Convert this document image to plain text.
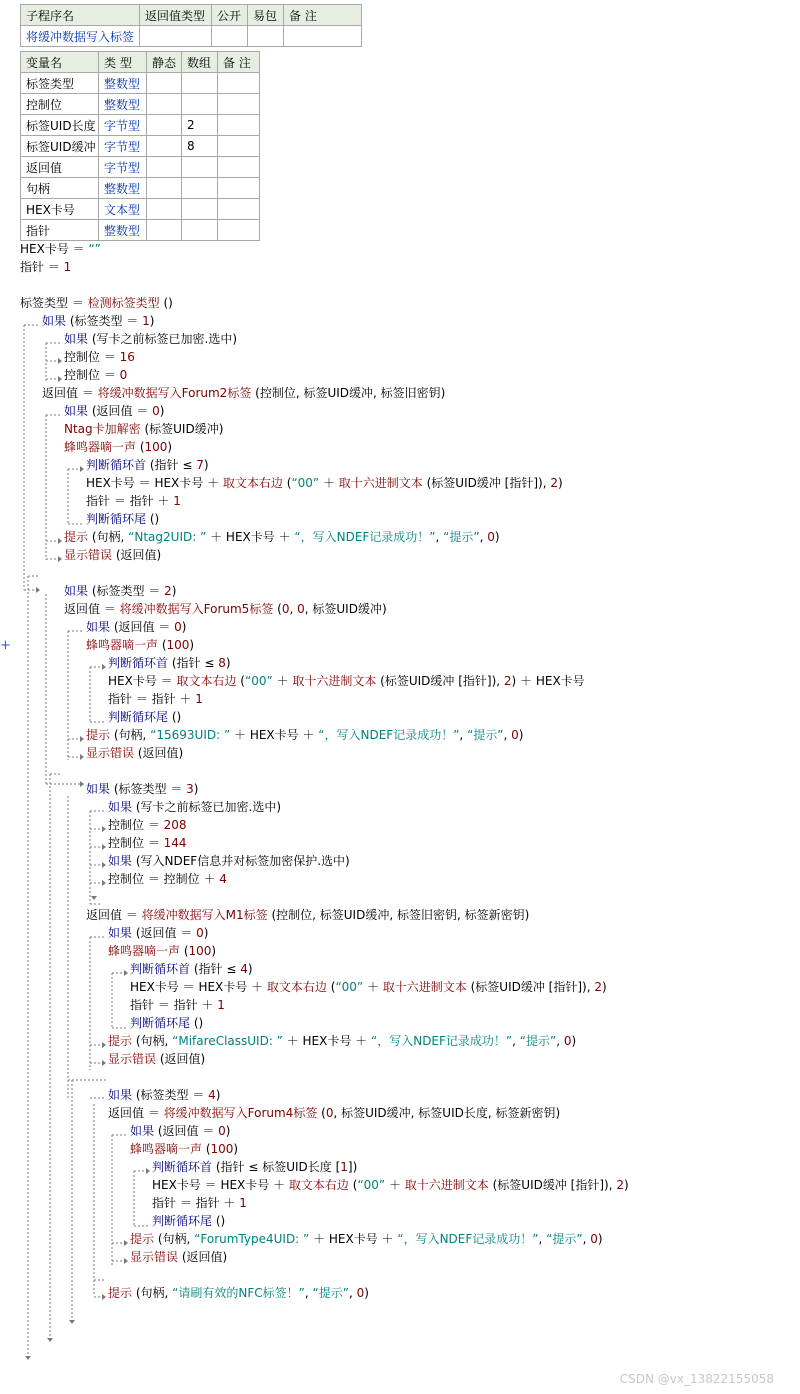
子程序名	返回值类型	公开	易包	备 注
将缓冲数据写入标签				
变量名	类 型	静态	数组	备 注
标签类型	整数型			
控制位	整数型			
标签UID长度	字节型		2	
标签UID缓冲	字节型		8	
返回值	字节型			
句柄	整数型			
HEX卡号	文本型			
指针	整数型			
HEX卡号 ＝ “”
指针 ＝ 1
标签类型 ＝ 检测标签类型 ()
如果 (标签类型 ＝ 1)
如果 (写卡之前标签已加密.选中)
控制位 ＝ 16
控制位 ＝ 0
返回值 ＝ 将缓冲数据写入Forum2标签 (控制位, 标签UID缓冲, 标签旧密钥)
如果 (返回值 ＝ 0)
Ntag卡加解密 (标签UID缓冲)
蜂鸣器嘀一声 (100)
判断循环首 (指针 ≤ 7)
HEX卡号 ＝ HEX卡号 ＋ 取文本右边 (“00” ＋ 取十六进制文本 (标签UID缓冲 [指针]), 2)
指针 ＝ 指针 ＋ 1
判断循环尾 ()
提示 (句柄, “Ntag2UID: ” ＋ HEX卡号 ＋ “，写入NDEF记录成功！”, “提示”, 0)
显示错误 (返回值)
如果 (标签类型 ＝ 2)
返回值 ＝ 将缓冲数据写入Forum5标签 (0, 0, 标签UID缓冲)
如果 (返回值 ＝ 0)
蜂鸣器嘀一声 (100)
判断循环首 (指针 ≤ 8)
HEX卡号 ＝ 取文本右边 (“00” ＋ 取十六进制文本 (标签UID缓冲 [指针]), 2) ＋ HEX卡号
指针 ＝ 指针 ＋ 1
判断循环尾 ()
提示 (句柄, “15693UID: ” ＋ HEX卡号 ＋ “，写入NDEF记录成功！”, “提示”, 0)
显示错误 (返回值)
如果 (标签类型 ＝ 3)
如果 (写卡之前标签已加密.选中)
控制位 ＝ 208
控制位 ＝ 144
如果 (写入NDEF信息并对标签加密保护.选中)
控制位 ＝ 控制位 ＋ 4
返回值 ＝ 将缓冲数据写入M1标签 (控制位, 标签UID缓冲, 标签旧密钥, 标签新密钥)
如果 (返回值 ＝ 0)
蜂鸣器嘀一声 (100)
判断循环首 (指针 ≤ 4)
HEX卡号 ＝ HEX卡号 ＋ 取文本右边 (“00” ＋ 取十六进制文本 (标签UID缓冲 [指针]), 2)
指针 ＝ 指针 ＋ 1
判断循环尾 ()
提示 (句柄, “MifareClassUID: ” ＋ HEX卡号 ＋ “，写入NDEF记录成功！”, “提示”, 0)
显示错误 (返回值)
如果 (标签类型 ＝ 4)
返回值 ＝ 将缓冲数据写入Forum4标签 (0, 标签UID缓冲, 标签UID长度, 标签新密钥)
如果 (返回值 ＝ 0)
蜂鸣器嘀一声 (100)
判断循环首 (指针 ≤ 标签UID长度 [1])
HEX卡号 ＝ HEX卡号 ＋ 取文本右边 (“00” ＋ 取十六进制文本 (标签UID缓冲 [指针]), 2)
指针 ＝ 指针 ＋ 1
判断循环尾 ()
提示 (句柄, “ForumType4UID: ” ＋ HEX卡号 ＋ “，写入NDEF记录成功！”, “提示”, 0)
显示错误 (返回值)
提示 (句柄, “请刷有效的NFC标签！”, “提示”, 0)
+
CSDN @vx_13822155058
